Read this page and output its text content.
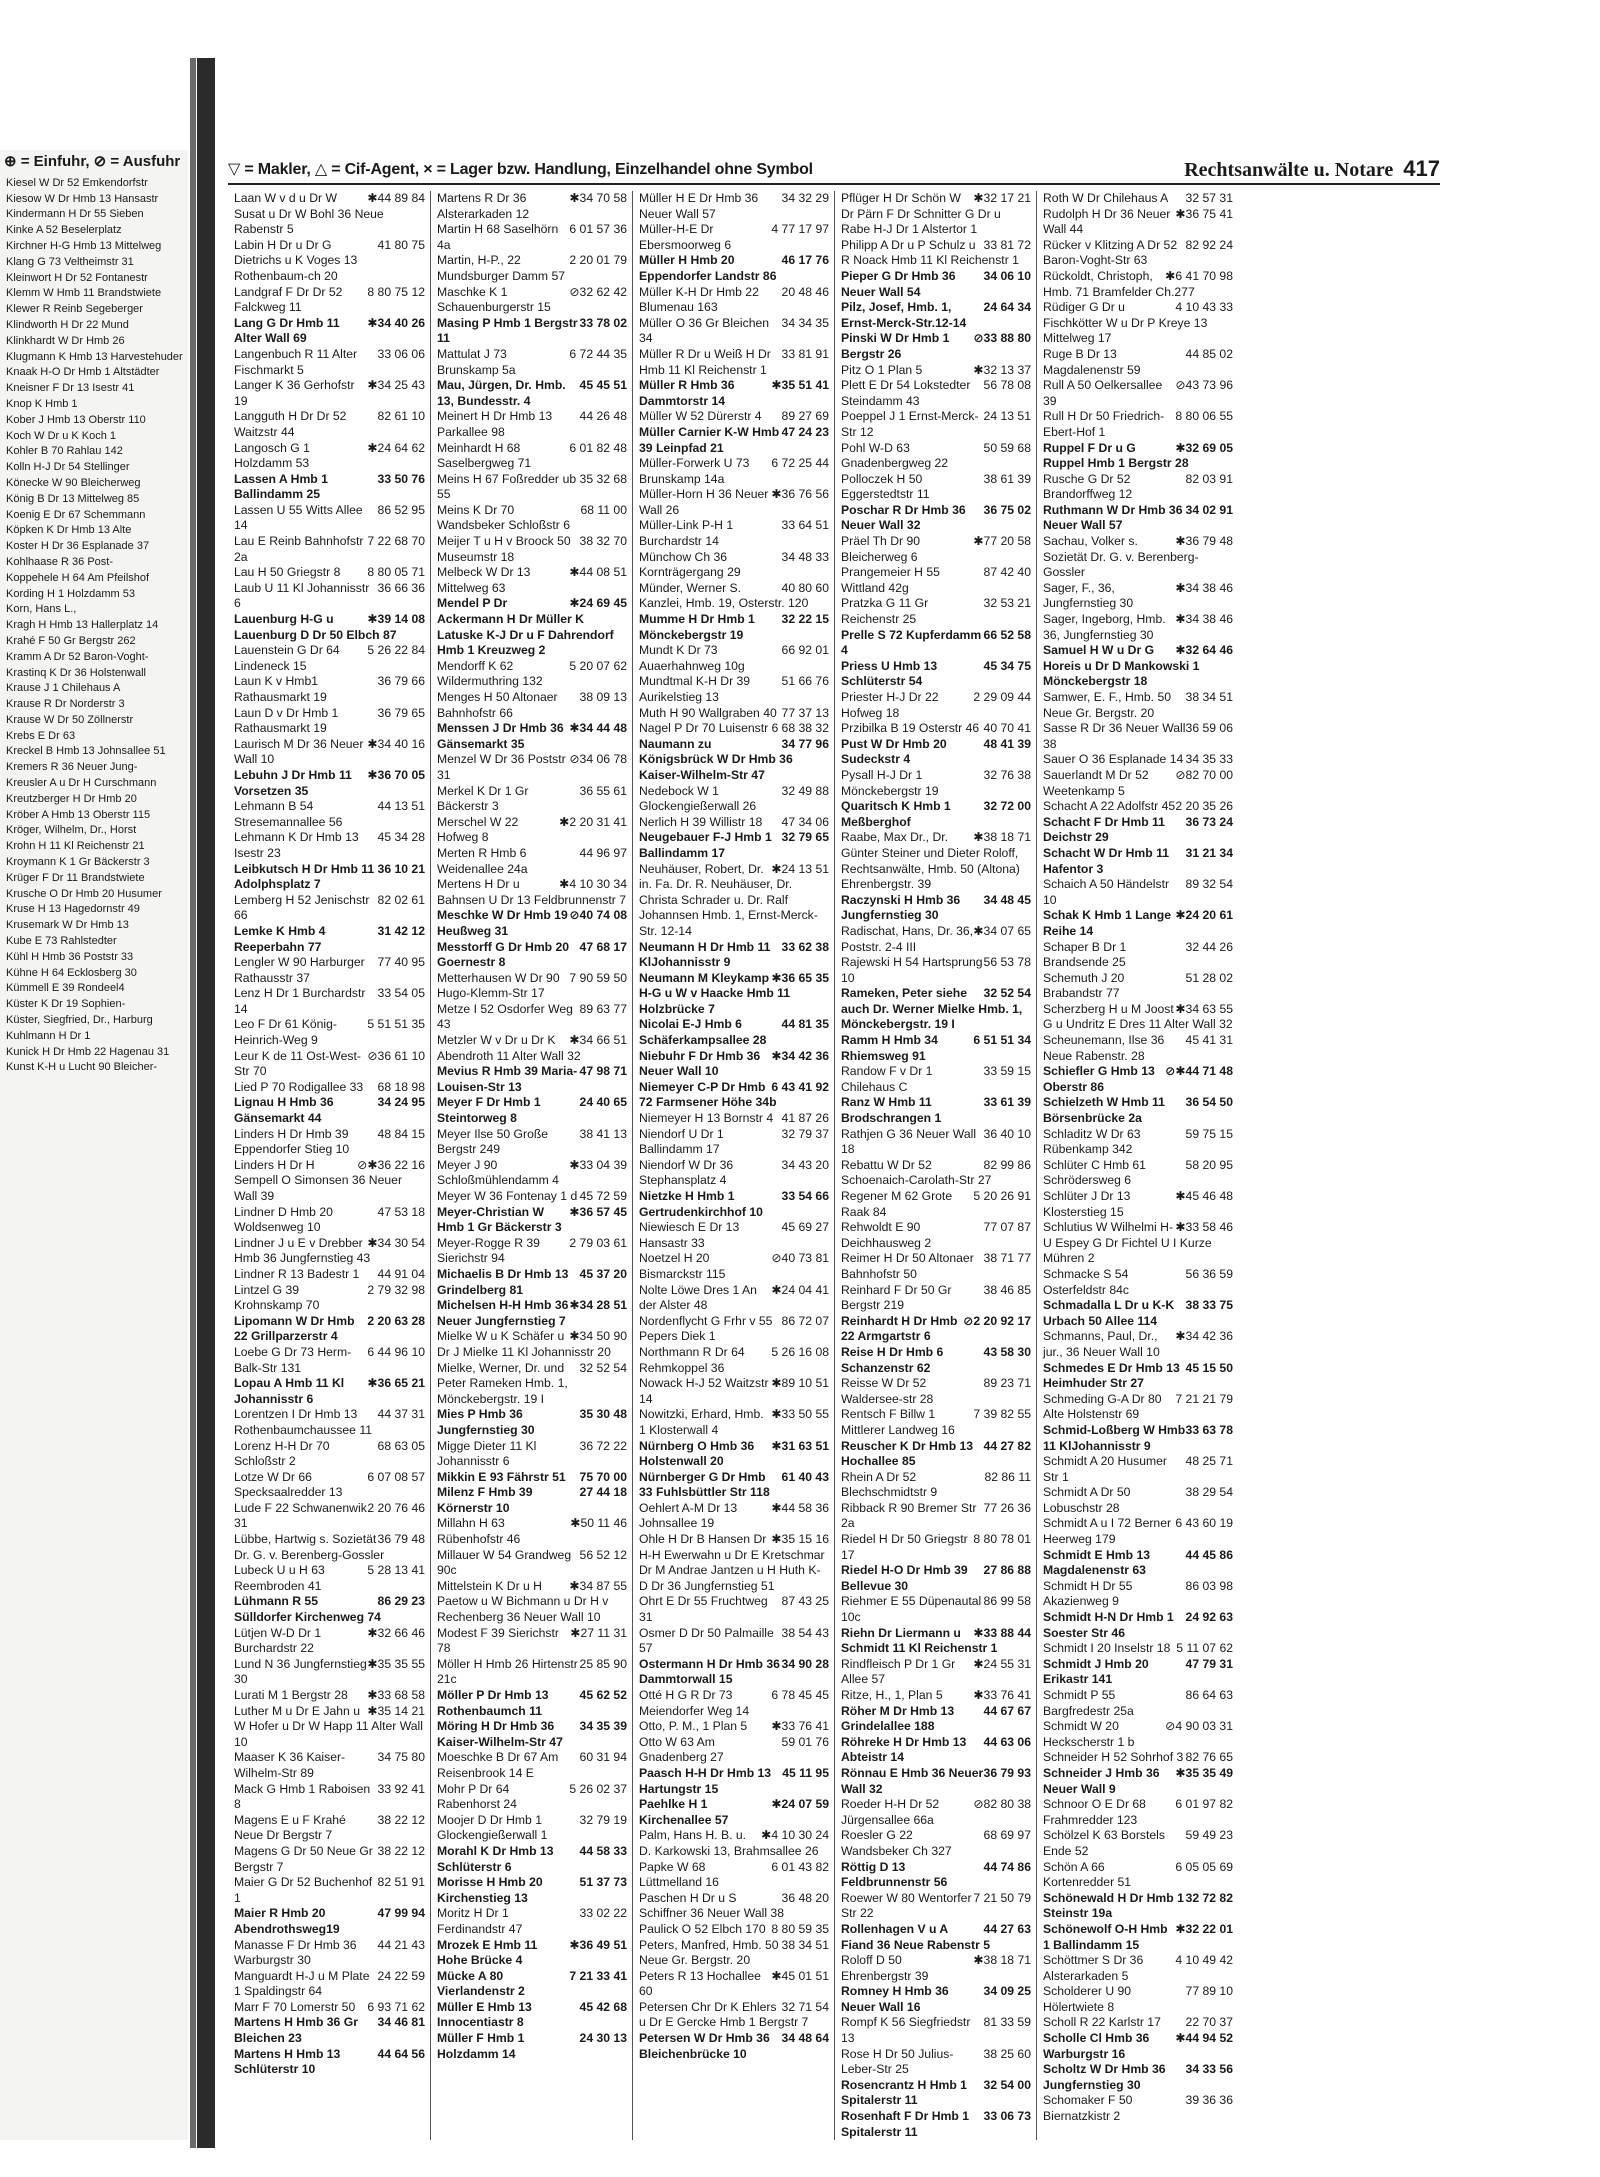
⊕ = Einfuhr, ⊘ = Ausfuhr
Kiesel W Dr 52 Emkendorfstr
Kiesow W Dr Hmb 13 Hansastr
Kindermann H Dr 55 Sieben
Kinke A 52 Beselerplatz
Kirchner H-G Hmb 13 Mittelweg
Klang G 73 Veltheimstr 31
Kleinwort H Dr 52 Fontanestr
Klemm W Hmb 11 Brandstwiete
Klewer R Reinb Segeberger
Klindworth H Dr 22 Mund
Klinkhardt W Dr Hmb 26
Klugmann K Hmb 13 Harvestehuder
Knaak H-O Dr Hmb 1 Altstädter
Kneisner F Dr 13 Isestr 41
Knop K Hmb 1
Kober J Hmb 13 Oberstr 110
Koch W Dr u K Koch 1
Kohler B 70 Rahlau 142
Kolln H-J Dr 54 Stellinger
Könecke W 90 Bleicherweg
König B Dr 13 Mittelweg 85
Koenig E Dr 67 Schemmann
Köpken K Dr Hmb 13 Alte
Koster H Dr 36 Esplanade 37
Kohlhaase R 36 Post-
Koppehele H 64 Am Pfeilshof
Kording H 1 Holzdamm 53
Korn, Hans L.,
Kragh H Hmb 13 Hallerplatz 14
Krahé F 50 Gr Bergstr 262
Kramm A Dr 52 Baron-Voght-
Krastinq K Dr 36 Holstenwall
Krause J 1 Chilehaus A
Krause R Dr Norderstr 3
Krause W Dr 50 Zöllnerstr
Krebs E Dr 63
Kreckel B Hmb 13 Johnsallee 51
Kremers R 36 Neuer Jung-
Kreusler A u Dr H Curschmann
Kreutzberger H Dr Hmb 20
Kröber A Hmb 13 Oberstr 115
Kröger, Wilhelm, Dr., Horst
Krohn H 11 Kl Reichenstr 21
Kroymann K 1 Gr Bäckerstr 3
Krüger F Dr 11 Brandstwiete
Krusche O Dr Hmb 20 Husumer
Kruse H 13 Hagedornstr 49
Krusemark W Dr Hmb 13
Kube E 73 Rahlstedter
Kühl H Hmb 36 Poststr 33
Kühne H 64 Ecklosberg 30
Kümmell E 39 Rondeel4
Küster K Dr 19 Sophien-
Küster, Siegfried, Dr., Harburg
Kuhlmann H Dr 1
Kunick H Dr Hmb 22 Hagenau 31
Kunst K-H u Lucht 90 Bleicher-
▽ = Makler, △ = Cif-Agent, × = Lager bzw. Handlung, Einzelhandel ohne Symbol	Rechtsanwälte u. Notare 417
✱44 89 84
Laan W v d u Dr W Susat u Dr W Bohl 36 Neue Rabenstr 5
41 80 75
Labin H Dr u Dr G Dietrichs u K Voges 13 Rothenbaum-ch 20
8 80 75 12
Landgraf F Dr Dr 52 Falckweg 11
✱34 40 26
Lang G Dr Hmb 11 Alter Wall 69
33 06 06
Langenbuch R 11 Alter Fischmarkt 5
✱34 25 43
Langer K 36 Gerhofstr 19
82 61 10
Langguth H Dr Dr 52 Waitzstr 44
✱24 64 62
Langosch G 1 Holzdamm 53
33 50 76
Lassen A Hmb 1 Ballindamm 25
86 52 95
Lassen U 55 Witts Allee 14
7 22 68 70
Lau E Reinb Bahnhofstr 2a
8 80 05 71
Lau H 50 Griegstr 8
36 66 36
Laub U 11 Kl Johannisstr 6
✱39 14 08
Lauenburg H-G u Lauenburg D Dr 50 Elbch 87
5 26 22 84
Lauenstein G Dr 64 Lindeneck 15
36 79 66
Laun K v Hmb1 Rathausmarkt 19
36 79 65
Laun D v Dr Hmb 1 Rathausmarkt 19
✱34 40 16
Laurisch M Dr 36 Neuer Wall 10
✱36 70 05
Lebuhn J Dr Hmb 11 Vorsetzen 35
44 13 51
Lehmann B 54 Stresemannallee 56
45 34 28
Lehmann K Dr Hmb 13 Isestr 23
36 10 21
Leibkutsch H Dr Hmb 11 Adolphsplatz 7
82 02 61
Lemberg H 52 Jenischstr 66
31 42 12
Lemke K Hmb 4 Reeperbahn 77
77 40 95
Lengler W 90 Harburger Rathausstr 37
33 54 05
Lenz H Dr 1 Burchardstr 14
5 51 51 35
Leo F Dr 61 König-Heinrich-Weg 9
⊘36 61 10
Leur K de 11 Ost-West-Str 70
68 18 98
Lied P 70 Rodigallee 33
34 24 95
Lignau H Hmb 36 Gänsemarkt 44
48 84 15
Linders H Dr Hmb 39 Eppendorfer Stieg 10
⊘✱36 22 16
Linders H Dr H Sempell O Simonsen 36 Neuer Wall 39
47 53 18
Lindner D Hmb 20 Woldsenweg 10
✱34 30 54
Lindner J u E v Drebber Hmb 36 Jungfernstieg 43
44 91 04
Lindner R 13 Badestr 1
2 79 32 98
Lintzel G 39 Krohnskamp 70
2 20 63 28
Lipomann W Dr Hmb 22 Grillparzerstr 4
6 44 96 10
Loebe G Dr 73 Herm-Balk-Str 131
✱36 65 21
Lopau A Hmb 11 Kl Johannisstr 6
44 37 31
Lorentzen I Dr Hmb 13 Rothenbaumchaussee 11
68 63 05
Lorenz H-H Dr 70 Schloßstr 2
6 07 08 57
Lotze W Dr 66 Specksaalredder 13
2 20 76 46
Lude F 22 Schwanenwik 31
36 79 48
Lübbe, Hartwig s. Sozietät Dr. G. v. Berenberg-Gossler
5 28 13 41
Lubeck U u H 63 Reembroden 41
86 29 23
Lühmann R 55 Sülldorfer Kirchenweg 74
✱32 66 46
Lütjen W-D Dr 1 Burchardstr 22
✱35 35 55
Lund N 36 Jungfernstieg 30
✱33 68 58
Lurati M 1 Bergstr 28
✱35 14 21
Luther M u Dr E Jahn u W Hofer u Dr W Happ 11 Alter Wall 10
34 75 80
Maaser K 36 Kaiser-Wilhelm-Str 89
33 92 41
Mack G Hmb 1 Raboisen 8
38 22 12
Magens E u F Krahé Neue Dr Bergstr 7
38 22 12
Magens G Dr 50 Neue Gr Bergstr 7
82 51 91
Maier G Dr 52 Buchenhof 1
47 99 94
Maier R Hmb 20 Abendrothsweg19
44 21 43
Manasse F Dr Hmb 36 Warburgstr 30
24 22 59
Manguardt H-J u M Plate 1 Spaldingstr 64
6 93 71 62
Marr F 70 Lomerstr 50
34 46 81
Martens H Hmb 36 Gr Bleichen 23
44 64 56
Martens H Hmb 13 Schlüterstr 10
✱34 70 58
Martens R Dr 36 Alsterarkaden 12
6 01 57 36
Martin H 68 Saselhörn 4a
2 20 01 79
Martin, H-P., 22 Mundsburger Damm 57
⊘32 62 42
Maschke K 1 Schauenburgerstr 15
33 78 02
Masing P Hmb 1 Bergstr 11
6 72 44 35
Mattulat J 73 Brunskamp 5a
45 45 51
Mau, Jürgen, Dr. Hmb. 13, Bundesstr. 4
44 26 48
Meinert H Dr Hmb 13 Parkallee 98
6 01 82 48
Meinhardt H 68 Saselbergweg 71
ub 35 32 68
Meins H 67 Foßredder 55
68 11 00
Meins K Dr 70 Wandsbeker Schloßstr 6
38 32 70
Meijer T u H v Broock 50 Museumstr 18
✱44 08 51
Melbeck W Dr 13 Mittelweg 63
✱24 69 45
Mendel P Dr Ackermann H Dr Müller K Latuske K-J Dr u F Dahrendorf Hmb 1 Kreuzweg 2
5 20 07 62
Mendorff K 62 Wildermuthring 132
38 09 13
Menges H 50 Altonaer Bahnhofstr 66
✱34 44 48
Menssen J Dr Hmb 36 Gänsemarkt 35
⊘34 06 78
Menzel W Dr 36 Poststr 31
36 55 61
Merkel K Dr 1 Gr Bäckerstr 3
✱2 20 31 41
Merschel W 22 Hofweg 8
44 96 97
Merten R Hmb 6 Weidenallee 24a
✱4 10 30 34
Mertens H Dr u Bahnsen U Dr 13 Feldbrunnenstr 7
⊘40 74 08
Meschke W Dr Hmb 19 Heußweg 31
47 68 17
Messtorff G Dr Hmb 20 Goernestr 8
7 90 59 50
Metterhausen W Dr 90 Hugo-Klemm-Str 17
89 63 77
Metze I 52 Osdorfer Weg 43
✱34 66 51
Metzler W v Dr u Dr K Abendroth 11 Alter Wall 32
47 98 71
Mevius R Hmb 39 Maria-Louisen-Str 13
24 40 65
Meyer F Dr Hmb 1 Steintorweg 8
38 41 13
Meyer Ilse 50 Große Bergstr 249
✱33 04 39
Meyer J 90 Schloßmühlendamm 4
45 72 59
Meyer W 36 Fontenay 1 d
✱36 57 45
Meyer-Christian W Hmb 1 Gr Bäckerstr 3
2 79 03 61
Meyer-Rogge R 39 Sierichstr 94
45 37 20
Michaelis B Dr Hmb 13 Grindelberg 81
✱34 28 51
Michelsen H-H Hmb 36 Neuer Jungfernstieg 7
✱34 50 90
Mielke W u K Schäfer u Dr J Mielke 11 Kl Johannisstr 20
32 52 54
Mielke, Werner, Dr. und Peter Rameken Hmb. 1, Mönckebergstr. 19 I
35 30 48
Mies P Hmb 36 Jungfernstieg 30
36 72 22
Migge Dieter 11 Kl Johannisstr 6
75 70 00
Mikkin E 93 Fährstr 51
27 44 18
Milenz F Hmb 39 Körnerstr 10
✱50 11 46
Millahn H 63 Rübenhofstr 46
56 52 12
Millauer W 54 Grandweg 90c
✱34 87 55
Mittelstein K Dr u H Paetow u W Bichmann u Dr H v Rechenberg 36 Neuer Wall 10
✱27 11 31
Modest F 39 Sierichstr 78
25 85 90
Möller H Hmb 26 Hirtenstr 21c
45 62 52
Möller P Dr Hmb 13 Rothenbaumch 11
34 35 39
Möring H Dr Hmb 36 Kaiser-Wilhelm-Str 47
60 31 94
Moeschke B Dr 67 Am Reisenbrook 14 E
5 26 02 37
Mohr P Dr 64 Rabenhorst 24
32 79 19
Moojer D Dr Hmb 1 Glockengießerwall 1
44 58 33
Morahl K Dr Hmb 13 Schlüterstr 6
51 37 73
Morisse H Hmb 20 Kirchenstieg 13
33 02 22
Moritz H Dr 1 Ferdinandstr 47
✱36 49 51
Mrozek E Hmb 11 Hohe Brücke 4
7 21 33 41
Mücke A 80 Vierlandenstr 2
45 42 68
Müller E Hmb 13 Innocentiastr 8
24 30 13
Müller F Hmb 1 Holzdamm 14
34 32 29
Müller H E Dr Hmb 36 Neuer Wall 57
4 77 17 97
Müller-H-E Dr Ebersmoorweg 6
46 17 76
Müller H Hmb 20 Eppendorfer Landstr 86
20 48 46
Müller K-H Dr Hmb 22 Blumenau 163
34 34 35
Müller O 36 Gr Bleichen 34
33 81 91
Müller R Dr u Weiß H Dr Hmb 11 Kl Reichenstr 1
✱35 51 41
Müller R Hmb 36 Dammtorstr 14
89 27 69
Müller W 52 Dürerstr 4
47 24 23
Müller Carnier K-W Hmb 39 Leinpfad 21
6 72 25 44
Müller-Forwerk U 73 Brunskamp 14a
✱36 76 56
Müller-Horn H 36 Neuer Wall 26
33 64 51
Müller-Link P-H 1 Burchardstr 14
34 48 33
Münchow Ch 36 Kornträgergang 29
40 80 60
Münder, Werner S. Kanzlei, Hmb. 19, Osterstr. 120
32 22 15
Mumme H Dr Hmb 1 Mönckebergstr 19
66 92 01
Mundt K Dr 73 Auaerhahnweg 10g
51 66 76
Mundtmal K-H Dr 39 Aurikelstieg 13
77 37 13
Muth H 90 Wallgraben 40
68 38 32
Nagel P Dr 70 Luisenstr 6
34 77 96
Naumann zu Königsbrück W Dr Hmb 36 Kaiser-Wilhelm-Str 47
32 49 88
Nedebock W 1 Glockengießerwall 26
47 34 06
Nerlich H 39 Willistr 18
32 79 65
Neugebauer F-J Hmb 1 Ballindamm 17
✱24 13 51
Neuhäuser, Robert, Dr. in. Fa. Dr. R. Neuhäuser, Dr. Christa Schrader u. Dr. Ralf Johannsen Hmb. 1, Ernst-Merck-Str. 12-14
33 62 38
Neumann H Dr Hmb 11 KlJohannisstr 9
✱36 65 35
Neumann M Kleykamp H-G u W v Haacke Hmb 11 Holzbrücke 7
44 81 35
Nicolai E-J Hmb 6 Schäferkampsallee 28
✱34 42 36
Niebuhr F Dr Hmb 36 Neuer Wall 10
6 43 41 92
Niemeyer C-P Dr Hmb 72 Farmsener Höhe 34b
41 87 26
Niemeyer H 13 Bornstr 4
32 79 37
Niendorf U Dr 1 Ballindamm 17
34 43 20
Niendorf W Dr 36 Stephansplatz 4
33 54 66
Nietzke H Hmb 1 Gertrudenkirchhof 10
45 69 27
Niewiesch E Dr 13 Hansastr 33
⊘40 73 81
Noetzel H 20 Bismarckstr 115
✱24 04 41
Nolte Löwe Dres 1 An der Alster 48
86 72 07
Nordenflycht G Frhr v 55 Pepers Diek 1
5 26 16 08
Northmann R Dr 64 Rehmkoppel 36
✱89 10 51
Nowack H-J 52 Waitzstr 14
✱33 50 55
Nowitzki, Erhard, Hmb. 1 Klosterwall 4
✱31 63 51
Nürnberg O Hmb 36 Holstenwall 20
61 40 43
Nürnberger G Dr Hmb 33 Fuhlsbüttler Str 118
✱44 58 36
Oehlert A-M Dr 13 Johnsallee 19
✱35 15 16
Ohle H Dr B Hansen Dr H-H Ewerwahn u Dr E Kretschmar Dr M Andrae Jantzen u H Huth K-D Dr 36 Jungfernstieg 51
87 43 25
Ohrt E Dr 55 Fruchtweg 31
38 54 43
Osmer D Dr 50 Palmaille 57
34 90 28
Ostermann H Dr Hmb 36 Dammtorwall 15
6 78 45 45
Otté H G R Dr 73 Meiendorfer Weg 14
✱33 76 41
Otto, P. M., 1 Plan 5
59 01 76
Otto W 63 Am Gnadenberg 27
45 11 95
Paasch H-H Dr Hmb 13 Hartungstr 15
✱24 07 59
Paehlke H 1 Kirchenallee 57
✱4 10 30 24
Palm, Hans H. B. u. D. Karkowski 13, Brahmsallee 26
6 01 43 82
Papke W 68 Lüttmelland 16
36 48 20
Paschen H Dr u S Schiffner 36 Neuer Wall 38
8 80 59 35
Paulick O 52 Elbch 170
38 34 51
Peters, Manfred, Hmb. 50 Neue Gr. Bergstr. 20
✱45 01 51
Peters R 13 Hochallee 60
32 71 54
Petersen Chr Dr K Ehlers u Dr E Gercke Hmb 1 Bergstr 7
34 48 64
Petersen W Dr Hmb 36 Bleichenbrücke 10
✱32 17 21
Pflüger H Dr Schön W Dr Pärn F Dr Schnitter G Dr u Rabe H-J Dr 1 Alstertor 1
33 81 72
Philipp A Dr u P Schulz u R Noack Hmb 11 Kl Reichenstr 1
34 06 10
Pieper G Dr Hmb 36 Neuer Wall 54
24 64 34
Pilz, Josef, Hmb. 1, Ernst-Merck-Str.12-14
⊘33 88 80
Pinski W Dr Hmb 1 Bergstr 26
✱32 13 37
Pitz O 1 Plan 5
56 78 08
Plett E Dr 54 Lokstedter Steindamm 43
24 13 51
Poeppel J 1 Ernst-Merck-Str 12
50 59 68
Pohl W-D 63 Gnadenbergweg 22
38 61 39
Polloczek H 50 Eggerstedtstr 11
36 75 02
Poschar R Dr Hmb 36 Neuer Wall 32
✱77 20 58
Präel Th Dr 90 Bleicherweg 6
87 42 40
Prangemeier H 55 Wittland 42g
32 53 21
Pratzka G 11 Gr Reichenstr 25
66 52 58
Prelle S 72 Kupferdamm 4
45 34 75
Priess U Hmb 13 Schlüterstr 54
2 29 09 44
Priester H-J Dr 22 Hofweg 18
40 70 41
Przibilka B 19 Osterstr 46
48 41 39
Pust W Dr Hmb 20 Sudeckstr 4
32 76 38
Pysall H-J Dr 1 Mönckebergstr 19
32 72 00
Quaritsch K Hmb 1 Meßberghof
✱38 18 71
Raabe, Max Dr., Dr. Günter Steiner und Dieter Roloff, Rechtsanwälte, Hmb. 50 (Altona) Ehrenbergstr. 39
34 48 45
Raczynski H Hmb 36 Jungfernstieg 30
✱34 07 65
Radischat, Hans, Dr. 36, Poststr. 2-4 III
56 53 78
Rajewski H 54 Hartsprung 10
32 52 54
Rameken, Peter siehe auch Dr. Werner Mielke Hmb. 1, Mönckebergstr. 19 I
6 51 51 34
Ramm H Hmb 34 Rhiemsweg 91
33 59 15
Randow F v Dr 1 Chilehaus C
33 61 39
Ranz W Hmb 11 Brodschrangen 1
36 40 10
Rathjen G 36 Neuer Wall 18
82 99 86
Rebattu W Dr 52 Schoenaich-Carolath-Str 27
5 20 26 91
Regener M 62 Grote Raak 84
77 07 87
Rehwoldt E 90 Deichhausweg 2
38 71 77
Reimer H Dr 50 Altonaer Bahnhofstr 50
38 46 85
Reinhard F Dr 50 Gr Bergstr 219
⊘2 20 92 17
Reinhardt H Dr Hmb 22 Armgartstr 6
43 58 30
Reise H Dr Hmb 6 Schanzenstr 62
89 23 71
Reisse W Dr 52 Waldersee-str 28
7 39 82 55
Rentsch F Billw 1 Mittlerer Landweg 16
44 27 82
Reuscher K Dr Hmb 13 Hochallee 85
82 86 11
Rhein A Dr 52 Blechschmidtstr 9
77 26 36
Ribback R 90 Bremer Str 2a
8 80 78 01
Riedel H Dr 50 Griegstr 17
27 86 88
Riedel H-O Dr Hmb 39 Bellevue 30
86 99 58
Riehmer E 55 Düpenautal 10c
✱33 88 44
Riehn Dr Liermann u Schmidt 11 Kl Reichenstr 1
✱24 55 31
Rindfleisch P Dr 1 Gr Allee 57
✱33 76 41
Ritze, H., 1, Plan 5
44 67 67
Röher M Dr Hmb 13 Grindelallee 188
44 63 06
Röhreke H Dr Hmb 13 Abteistr 14
36 79 93
Rönnau E Hmb 36 Neuer Wall 32
⊘82 80 38
Roeder H-H Dr 52 Jürgensallee 66a
68 69 97
Roesler G 22 Wandsbeker Ch 327
44 74 86
Röttig D 13 Feldbrunnenstr 56
7 21 50 79
Roewer W 80 Wentorfer Str 22
44 27 63
Rollenhagen V u A Fiand 36 Neue Rabenstr 5
✱38 18 71
Roloff D 50 Ehrenbergstr 39
34 09 25
Romney H Hmb 36 Neuer Wall 16
81 33 59
Rompf K 56 Siegfriedstr 13
38 25 60
Rose H Dr 50 Julius-Leber-Str 25
32 54 00
Rosencrantz H Hmb 1 Spitalerstr 11
33 06 73
Rosenhaft F Dr Hmb 1 Spitalerstr 11
32 57 31
Roth W Dr Chilehaus A
✱36 75 41
Rudolph H Dr 36 Neuer Wall 44
82 92 24
Rücker v Klitzing A Dr 52 Baron-Voght-Str 63
✱6 41 70 98
Rückoldt, Christoph, Hmb. 71 Bramfelder Ch.277
4 10 43 33
Rüdiger G Dr u Fischkötter W u Dr P Kreye 13 Mittelweg 17
44 85 02
Ruge B Dr 13 Magdalenenstr 59
⊘43 73 96
Rull A 50 Oelkersallee 39
8 80 06 55
Rull H Dr 50 Friedrich-Ebert-Hof 1
✱32 69 05
Ruppel F Dr u G Ruppel Hmb 1 Bergstr 28
82 03 91
Rusche G Dr 52 Brandorffweg 12
34 02 91
Ruthmann W Dr Hmb 36 Neuer Wall 57
✱36 79 48
Sachau, Volker s. Sozietät Dr. G. v. Berenberg-Gossler
✱34 38 46
Sager, F., 36, Jungfernstieg 30
✱34 38 46
Sager, Ingeborg, Hmb. 36, Jungfernstieg 30
✱32 64 46
Samuel H W u Dr G Horeis u Dr D Mankowski 1 Mönckebergstr 18
38 34 51
Samwer, E. F., Hmb. 50 Neue Gr. Bergstr. 20
36 59 06
Sasse R Dr 36 Neuer Wall 38
34 35 33
Sauer O 36 Esplanade 14
⊘82 70 00
Sauerlandt M Dr 52 Weetenkamp 5
2 20 35 26
Schacht A 22 Adolfstr 45
36 73 24
Schacht F Dr Hmb 11 Deichstr 29
31 21 34
Schacht W Dr Hmb 11 Hafentor 3
89 32 54
Schaich A 50 Händelstr 10
✱24 20 61
Schak K Hmb 1 Lange Reihe 14
32 44 26
Schaper B Dr 1 Brandsende 25
51 28 02
Schemuth J 20 Brabandstr 77
✱34 63 55
Scherzberg H u M Joost G u Undritz E Dres 11 Alter Wall 32
45 41 31
Scheunemann, Ilse 36 Neue Rabenstr. 28
⊘✱44 71 48
Schiefler G Hmb 13 Oberstr 86
36 54 50
Schielzeth W Hmb 11 Börsenbrücke 2a
59 75 15
Schladitz W Dr 63 Rübenkamp 342
58 20 95
Schlüter C Hmb 61 Schrödersweg 6
✱45 46 48
Schlüter J Dr 13 Klosterstieg 15
✱33 58 46
Schlutius W Wilhelmi H-U Espey G Dr Fichtel U I Kurze Mühren 2
56 36 59
Schmacke S 54 Osterfeldstr 84c
38 33 75
Schmadalla L Dr u K-K Urbach 50 Allee 114
✱34 42 36
Schmanns, Paul, Dr., jur., 36 Neuer Wall 10
45 15 50
Schmedes E Dr Hmb 13 Heimhuder Str 27
7 21 21 79
Schmeding G-A Dr 80 Alte Holstenstr 69
33 63 78
Schmid-Loßberg W Hmb 11 KlJohannisstr 9
48 25 71
Schmidt A 20 Husumer Str 1
38 29 54
Schmidt A Dr 50 Lobuschstr 28
6 43 60 19
Schmidt A u I 72 Berner Heerweg 179
44 45 86
Schmidt E Hmb 13 Magdalenenstr 63
86 03 98
Schmidt H Dr 55 Akazienweg 9
24 92 63
Schmidt H-N Dr Hmb 1 Soester Str 46
5 11 07 62
Schmidt I 20 Inselstr 18
47 79 31
Schmidt J Hmb 20 Erikastr 141
86 64 63
Schmidt P 55 Bargfredestr 25a
⊘4 90 03 31
Schmidt W 20 Heckscherstr 1 b
82 76 65
Schneider H 52 Sohrhof 3
✱35 35 49
Schneider J Hmb 36 Neuer Wall 9
6 01 97 82
Schnoor O E Dr 68 Frahmredder 123
59 49 23
Schölzel K 63 Borstels Ende 52
6 05 05 69
Schön A 66 Kortenredder 51
32 72 82
Schönewald H Dr Hmb 1 Steinstr 19a
✱32 22 01
Schönewolf O-H Hmb 1 Ballindamm 15
4 10 49 42
Schöttmer S Dr 36 Alsterarkaden 5
77 89 10
Scholderer U 90 Hölertwiete 8
22 70 37
Scholl R 22 Karlstr 17
✱44 94 52
Scholle Cl Hmb 36 Warburgstr 16
34 33 56
Scholtz W Dr Hmb 36 Jungfernstieg 30
39 36 36
Schomaker F 50 Biernatzkistr 2
